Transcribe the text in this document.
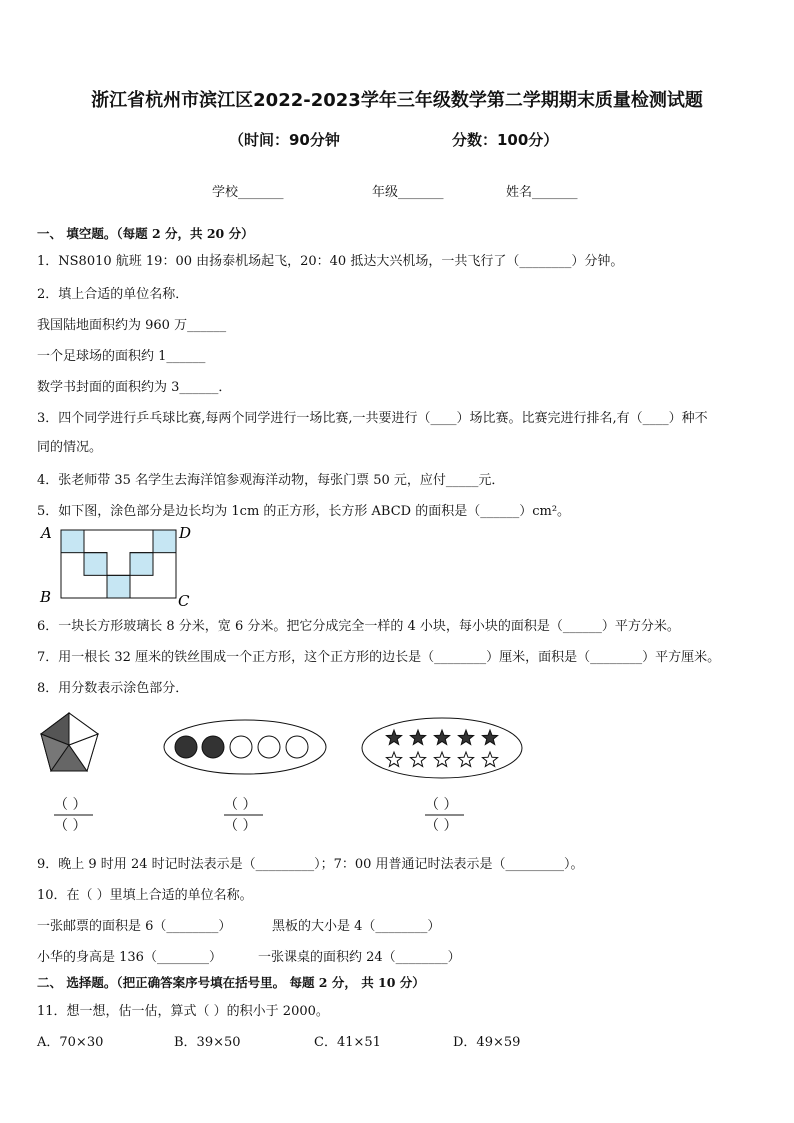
浙江省杭州市滨江区2022-2023学年三年级数学第二学期期末质量检测试题
（时间：90分钟	分数：100分）
学校_______	年级_______	姓名_______
一、 填空题。（每题 2 分，共 20 分）
1．NS8010 航班 19：00 由扬泰机场起飞，20：40 抵达大兴机场，一共飞行了（________）分钟。
2．填上合适的单位名称．
我国陆地面积约为 960 万______
一个足球场的面积约 1______
数学书封面的面积约为 3______．
3．四个同学进行乒乓球比赛,每两个同学进行一场比赛,一共要进行（____）场比赛。比赛完进行排名,有（____）种不
同的情况。
4．张老师带 35 名学生去海洋馆参观海洋动物，每张门票 50 元，应付_____元．
5．如下图，涂色部分是边长均为 1cm 的正方形，长方形 ABCD 的面积是（______）cm²。
A	D
B	C
6．一块长方形玻璃长 8 分米，宽 6 分米。把它分成完全一样的 4 小块，每小块的面积是（______）平方分米。
7．用一根长 32 厘米的铁丝围成一个正方形，这个正方形的边长是（________）厘米，面积是（________）平方厘米。
8．用分数表示涂色部分．
（ ）
（ ）
（ ）
（ ）
（ ）
（ ）
9．晚上 9 时用 24 时记时法表示是（_________）；7：00 用普通记时法表示是（_________）。
10．在（ ）里填上合适的单位名称。
一张邮票的面积是 6（________）	黑板的大小是 4（________）
小华的身高是 136（________）	一张课桌的面积约 24（________）
二、 选择题。（把正确答案序号填在括号里。 每题 2 分， 共 10 分）
11．想一想，估一估，算式（ ）的积小于 2000。
A．70×30	B．39×50	C．41×51	D．49×59
